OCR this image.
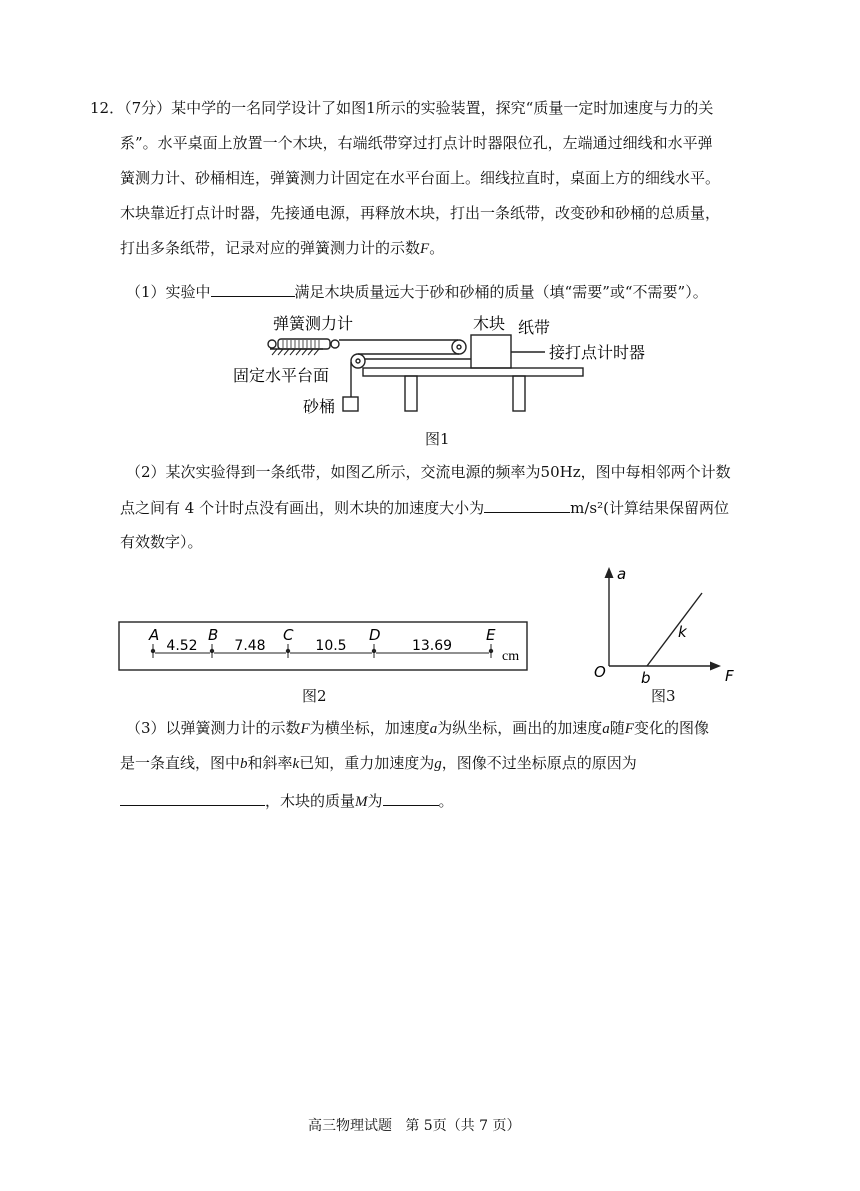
12．（7分）某中学的一名同学设计了如图1所示的实验装置，探究“质量一定时加速度与力的关
系”。水平桌面上放置一个木块，右端纸带穿过打点计时器限位孔，左端通过细线和水平弹
簧测力计、砂桶相连，弹簧测力计固定在水平台面上。细线拉直时，桌面上方的细线水平。
木块靠近打点计时器，先接通电源，再释放木块，打出一条纸带，改变砂和砂桶的总质量，
打出多条纸带，记录对应的弹簧测力计的示数F。
（1）实验中	满足木块质量远大于砂和砂桶的质量（填“需要”或“不需要”）。
弹簧测力计	木块 纸带
接打点计时器
固定水平台面
砂桶
图1
（2）某次实验得到一条纸带，如图乙所示，交流电源的频率为50Hz，图中每相邻两个计数
点之间有 4 个计时点没有画出，则木块的加速度大小为	m/s²(计算结果保留两位
有效数字）。
A	B	C	D	E
4.52	7.48	10.5	13.69
cm
图2
a
F
O b
k
图3
（3）以弹簧测力计的示数F为横坐标，加速度a为纵坐标，画出的加速度a随F变化的图像
是一条直线，图中b和斜率k已知，重力加速度为g，图像不过坐标原点的原因为
，木块的质量M为	。
高三物理试题 第 5页（共 7 页）
